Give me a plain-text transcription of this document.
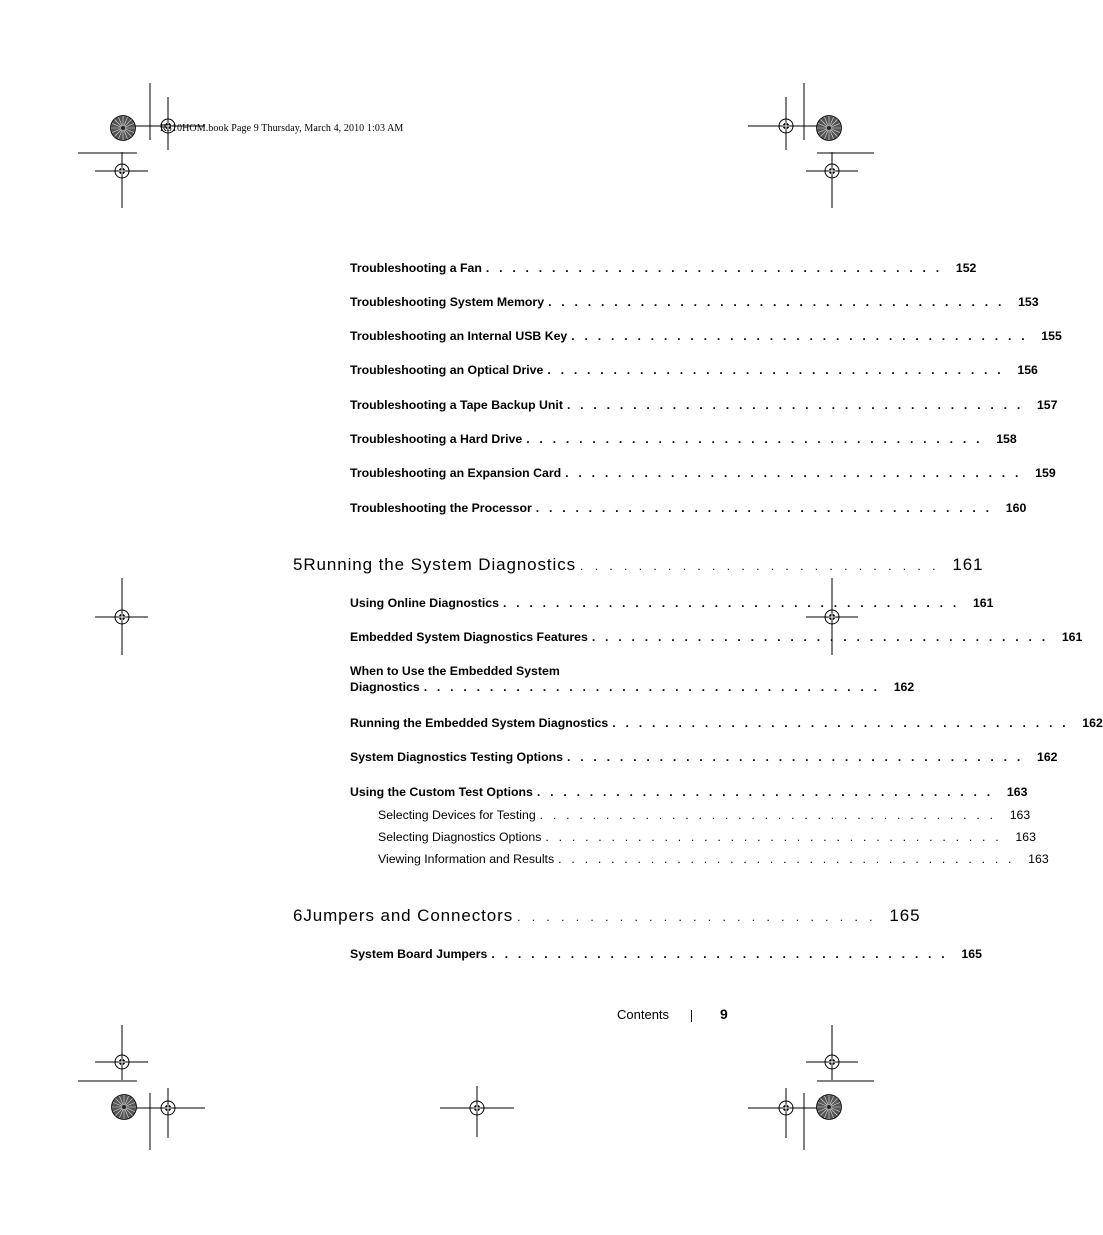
R310HOM.book Page 9 Thursday, March 4, 2010 1:03 AM
Troubleshooting a Fan . . . . . . . . . . . . . . . . . . . . . . . . . . . . . . . . . . .	152
Troubleshooting System Memory . . . . . . . . . . . . . . . . . . . . . . . . . . . . . . . . . . .	153
Troubleshooting an Internal USB Key . . . . . . . . . . . . . . . . . . . . . . . . . . . . . . . . . . .	155
Troubleshooting an Optical Drive . . . . . . . . . . . . . . . . . . . . . . . . . . . . . . . . . . .	156
Troubleshooting a Tape Backup Unit . . . . . . . . . . . . . . . . . . . . . . . . . . . . . . . . . . .	157
Troubleshooting a Hard Drive . . . . . . . . . . . . . . . . . . . . . . . . . . . . . . . . . . .	158
Troubleshooting an Expansion Card . . . . . . . . . . . . . . . . . . . . . . . . . . . . . . . . . . .	159
Troubleshooting the Processor . . . . . . . . . . . . . . . . . . . . . . . . . . . . . . . . . . .	160
5 Running the System Diagnostics . . . . . . . . . . . . . . . . . . . . . . . . . 161
Using Online Diagnostics . . . . . . . . . . . . . . . . . . . . . . . . . . . . . . . . . . .	161
Embedded System Diagnostics Features . . . . . . . . . . . . . . . . . . . . . . . . . . . . . . . . . . .	161
When to Use the Embedded System
Diagnostics . . . . . . . . . . . . . . . . . . . . . . . . . . . . . . . . . . .	162
Running the Embedded System Diagnostics . . . . . . . . . . . . . . . . . . . . . . . . . . . . . . . . . . .	162
System Diagnostics Testing Options . . . . . . . . . . . . . . . . . . . . . . . . . . . . . . . . . . .	162
Using the Custom Test Options . . . . . . . . . . . . . . . . . . . . . . . . . . . . . . . . . . .	163
Selecting Devices for Testing . . . . . . . . . . . . . . . . . . . . . . . . . . . . . . . . . . .	163
Selecting Diagnostics Options . . . . . . . . . . . . . . . . . . . . . . . . . . . . . . . . . . .	163
Viewing Information and Results . . . . . . . . . . . . . . . . . . . . . . . . . . . . . . . . . . .	163
6 Jumpers and Connectors . . . . . . . . . . . . . . . . . . . . . . . . . 165
System Board Jumpers . . . . . . . . . . . . . . . . . . . . . . . . . . . . . . . . . . .	165
Contents	9
